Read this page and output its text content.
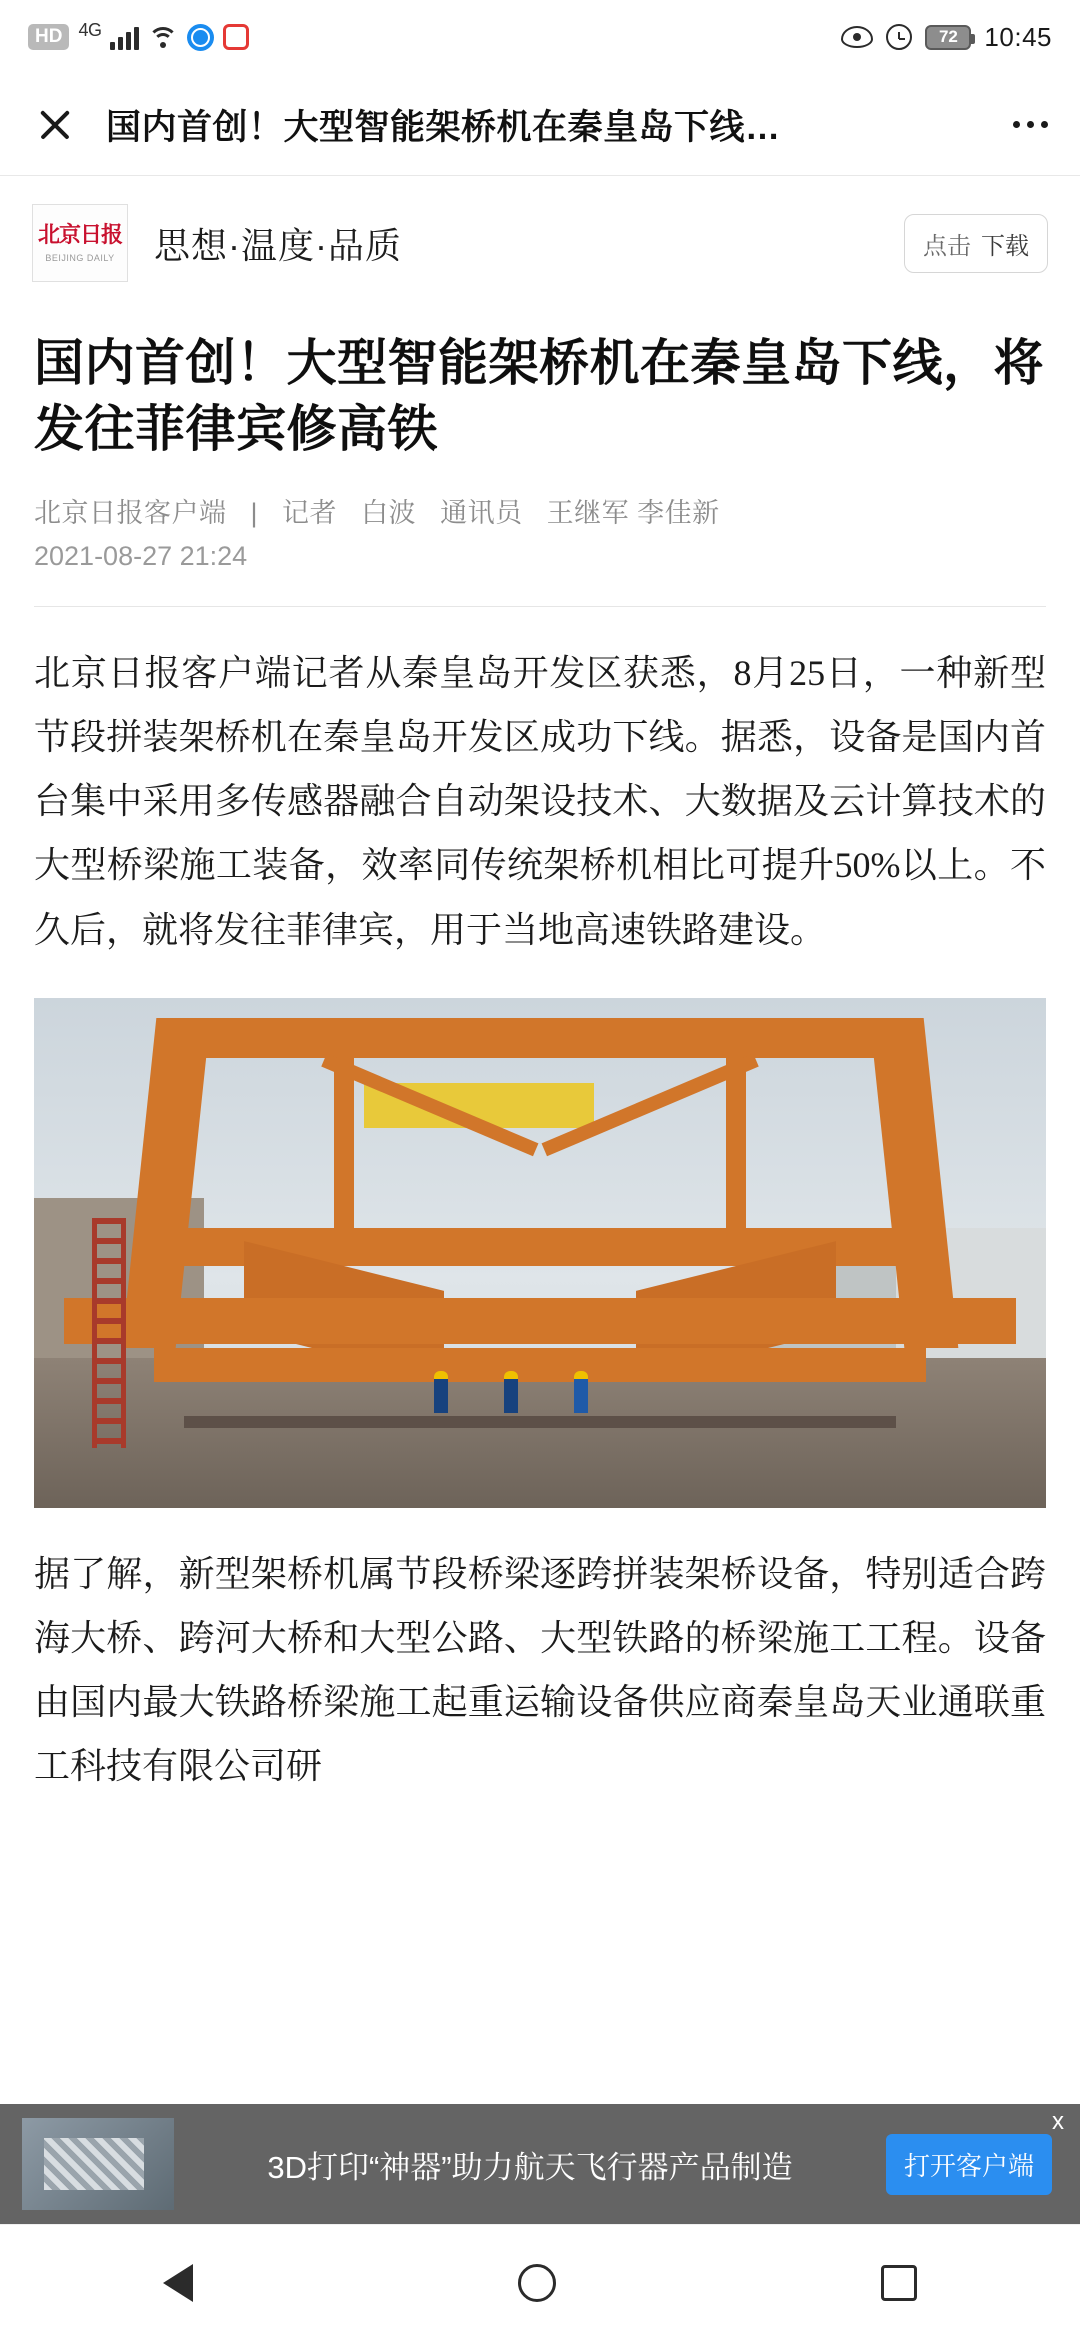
HD 4G	72	10:45
国内首创！大型智能架桥机在秦皇岛下线…
北京日报
BEIJING DAILY 思想·温度·品质	点击 下载
国内首创！大型智能架桥机在秦皇岛下线，将发往菲律宾修高铁
北京日报客户端 | 记者 白波 通讯员 王继军 李佳新
2021-08-27 21:24
北京日报客户端记者从秦皇岛开发区获悉，8月25日，一种新型节段拼装架桥机在秦皇岛开发区成功下线。据悉，设备是国内首台集中采用多传感器融合自动架设技术、大数据及云计算技术的大型桥梁施工装备，效率同传统架桥机相比可提升50%以上。不久后，就将发往菲律宾，用于当地高速铁路建设。
据了解，新型架桥机属节段桥梁逐跨拼装架桥设备，特别适合跨海大桥、跨河大桥和大型公路、大型铁路的桥梁施工工程。设备由国内最大铁路桥梁施工起重运输设备供应商秦皇岛天业通联重工科技有限公司研
3D打印“神器”助力航天飞行器产品制造	打开客户端
x
